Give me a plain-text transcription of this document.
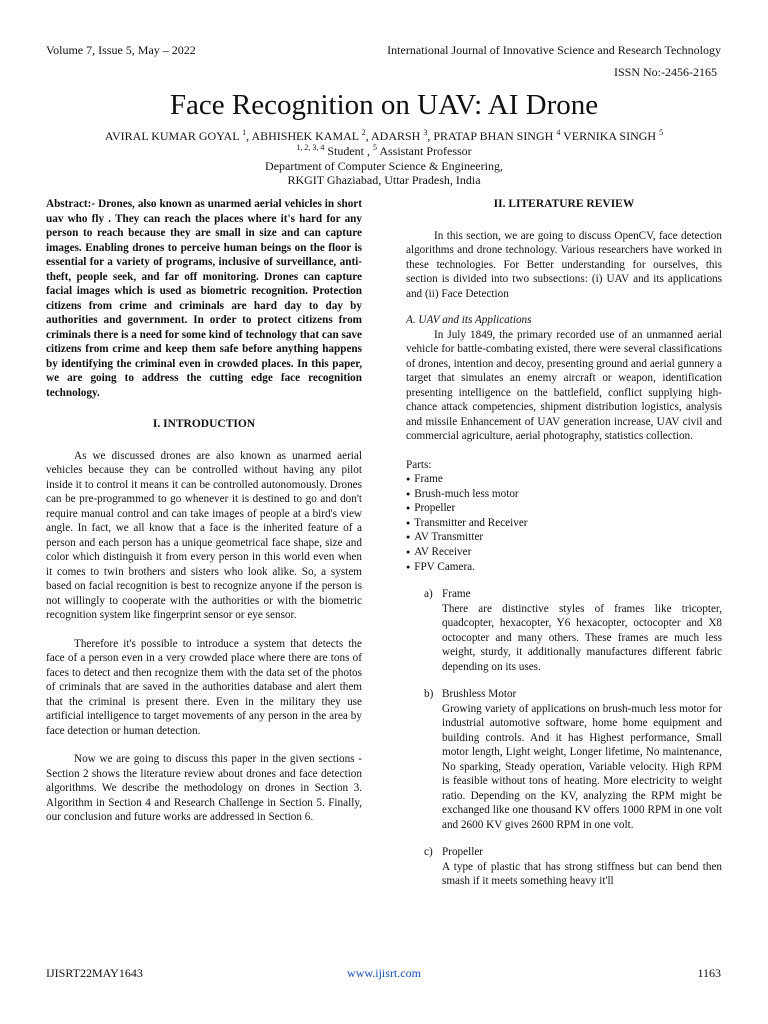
Volume 7, Issue 5, May – 2022	International Journal of Innovative Science and Research Technology
ISSN No:-2456-2165
Face Recognition on UAV: AI Drone
AVIRAL KUMAR GOYAL $^1$, ABHISHEK KAMAL $^2$, ADARSH $^3$, PRATAP BHAN SINGH $^4$ VERNIKA SINGH $^5$
$^{1, 2, 3, 4}$ Student , $^5$ Assistant Professor
Department of Computer Science & Engineering,
RKGIT Ghaziabad, Uttar Pradesh, India

Abstract:- Drones, also known as unarmed aerial vehicles in short uav who fly . They can reach the places where it's hard for any person to reach because they are small in size and can capture images. Enabling drones to perceive human beings on the floor is essential for a variety of programs, inclusive of surveillance, anti-theft, people seek, and far off monitoring. Drones can capture facial images which is used as biometric recognition. Protection citizens from crime and criminals are hard day to day by authorities and government. In order to protect citizens from criminals there is a need for some kind of technology that can save citizens from crime and keep them safe before anything happens by identifying the criminal even in crowded places. In this paper, we are going to address the cutting edge face recognition technology.

I. INTRODUCTION

As we discussed drones are also known as unarmed aerial vehicles because they can be controlled without having any pilot inside it to control it means it can be controlled autonomously. Drones can be pre-programmed to go whenever it is destined to go and don't require manual control and can take images of people at a bird's view angle. In fact, we all know that a face is the inherited feature of a person and each person has a unique geometrical face shape, size and color which distinguish it from every person in this world even when it comes to twin brothers and sisters who look alike. So, a system based on facial recognition is best to recognize anyone if the person is not willingly to cooperate with the authorities or with the biometric recognition system like fingerprint sensor or eye sensor.

Therefore it's possible to introduce a system that detects the face of a person even in a very crowded place where there are tons of faces to detect and then recognize them with the data set of the photos of criminals that are saved in the authorities database and alert them that the criminal is present there. Even in the military they use artificial intelligence to target movements of any person in the area by face detection or human detection.

Now we are going to discuss this paper in the given sections - Section 2 shows the literature review about drones and face detection algorithms. We describe the methodology on drones in Section 3. Algorithm in Section 4 and Research Challenge in Section 5. Finally, our conclusion and future works are addressed in Section 6.

II. LITERATURE REVIEW

In this section, we are going to discuss OpenCV, face detection algorithms and drone technology. Various researchers have worked in these technologies. For Better understanding for ourselves, this section is divided into two subsections: (i) UAV and its applications and (ii) Face Detection

A. UAV and its Applications

In July 1849, the primary recorded use of an unmanned aerial vehicle for battle-combating existed, there were several classifications of drones, intention and decoy, presenting ground and aerial gunnery a target that simulates an enemy aircraft or weapon, identification presenting intelligence on the battlefield, conflict supplying high-chance attack competencies, shipment distribution logistics, analysis and missile Enhancement of UAV generation increase, UAV civil and commercial agriculture, aerial photography, statistics collection.

Parts:
● Frame
● Brush-much less motor
● Propeller
● Transmitter and Receiver
● AV Transmitter
● AV Receiver
● FPV Camera.
a) Frame
There are distinctive styles of frames like tricopter, quadcopter, hexacopter, Y6 hexacopter, octocopter and X8 octocopter and many others. These frames are much less weight, sturdy, it additionally manufactures different fabric depending on its uses.
b) Brushless Motor
Growing variety of applications on brush-much less motor for industrial automotive software, home home equipment and building controls. And it has Highest performance, Small motor length, Light weight, Longer lifetime, No maintenance, No sparking, Steady operation, Variable velocity. High RPM is feasible without tons of heating. More electricity to weight ratio. Depending on the KV, analyzing the RPM might be exchanged like one thousand KV offers 1000 RPM in one volt and 2600 KV gives 2600 RPM in one volt.
c) Propeller
A type of plastic that has strong stiffness but can bend then smash if it meets something heavy it'll
IJISRT22MAY1643	www.ijisrt.com	1163
